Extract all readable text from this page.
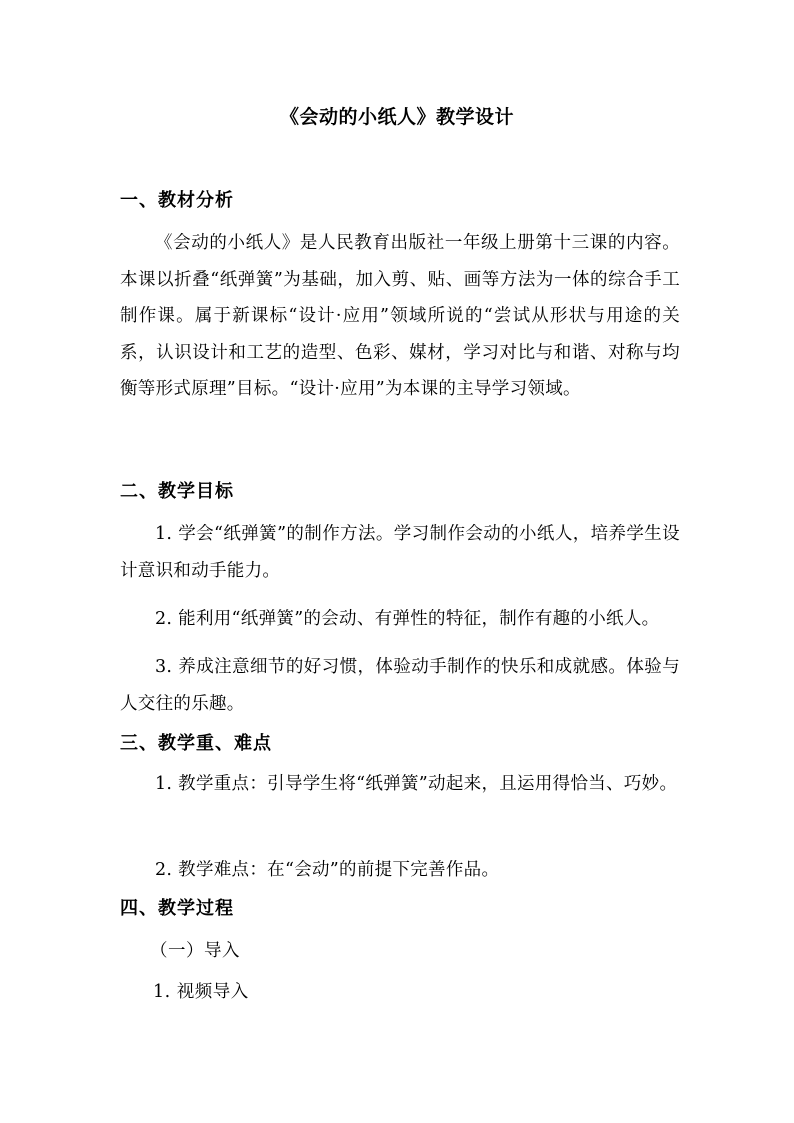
《会动的小纸人》教学设计
一、教材分析
《会动的小纸人》是人民教育出版社一年级上册第十三课的内容。本课以折叠“纸弹簧”为基础，加入剪、贴、画等方法为一体的综合手工制作课。属于新课标“设计·应用”领域所说的“尝试从形状与用途的关系，认识设计和工艺的造型、色彩、媒材，学习对比与和谐、对称与均衡等形式原理”目标。“设计·应用”为本课的主导学习领域。
二、教学目标
1. 学会“纸弹簧”的制作方法。学习制作会动的小纸人，培养学生设计意识和动手能力。
2. 能利用“纸弹簧”的会动、有弹性的特征，制作有趣的小纸人。
3. 养成注意细节的好习惯，体验动手制作的快乐和成就感。体验与人交往的乐趣。
三、教学重、难点
1. 教学重点：引导学生将“纸弹簧”动起来，且运用得恰当、巧妙。
2. 教学难点：在“会动”的前提下完善作品。
四、教学过程
（一）导入
1. 视频导入
